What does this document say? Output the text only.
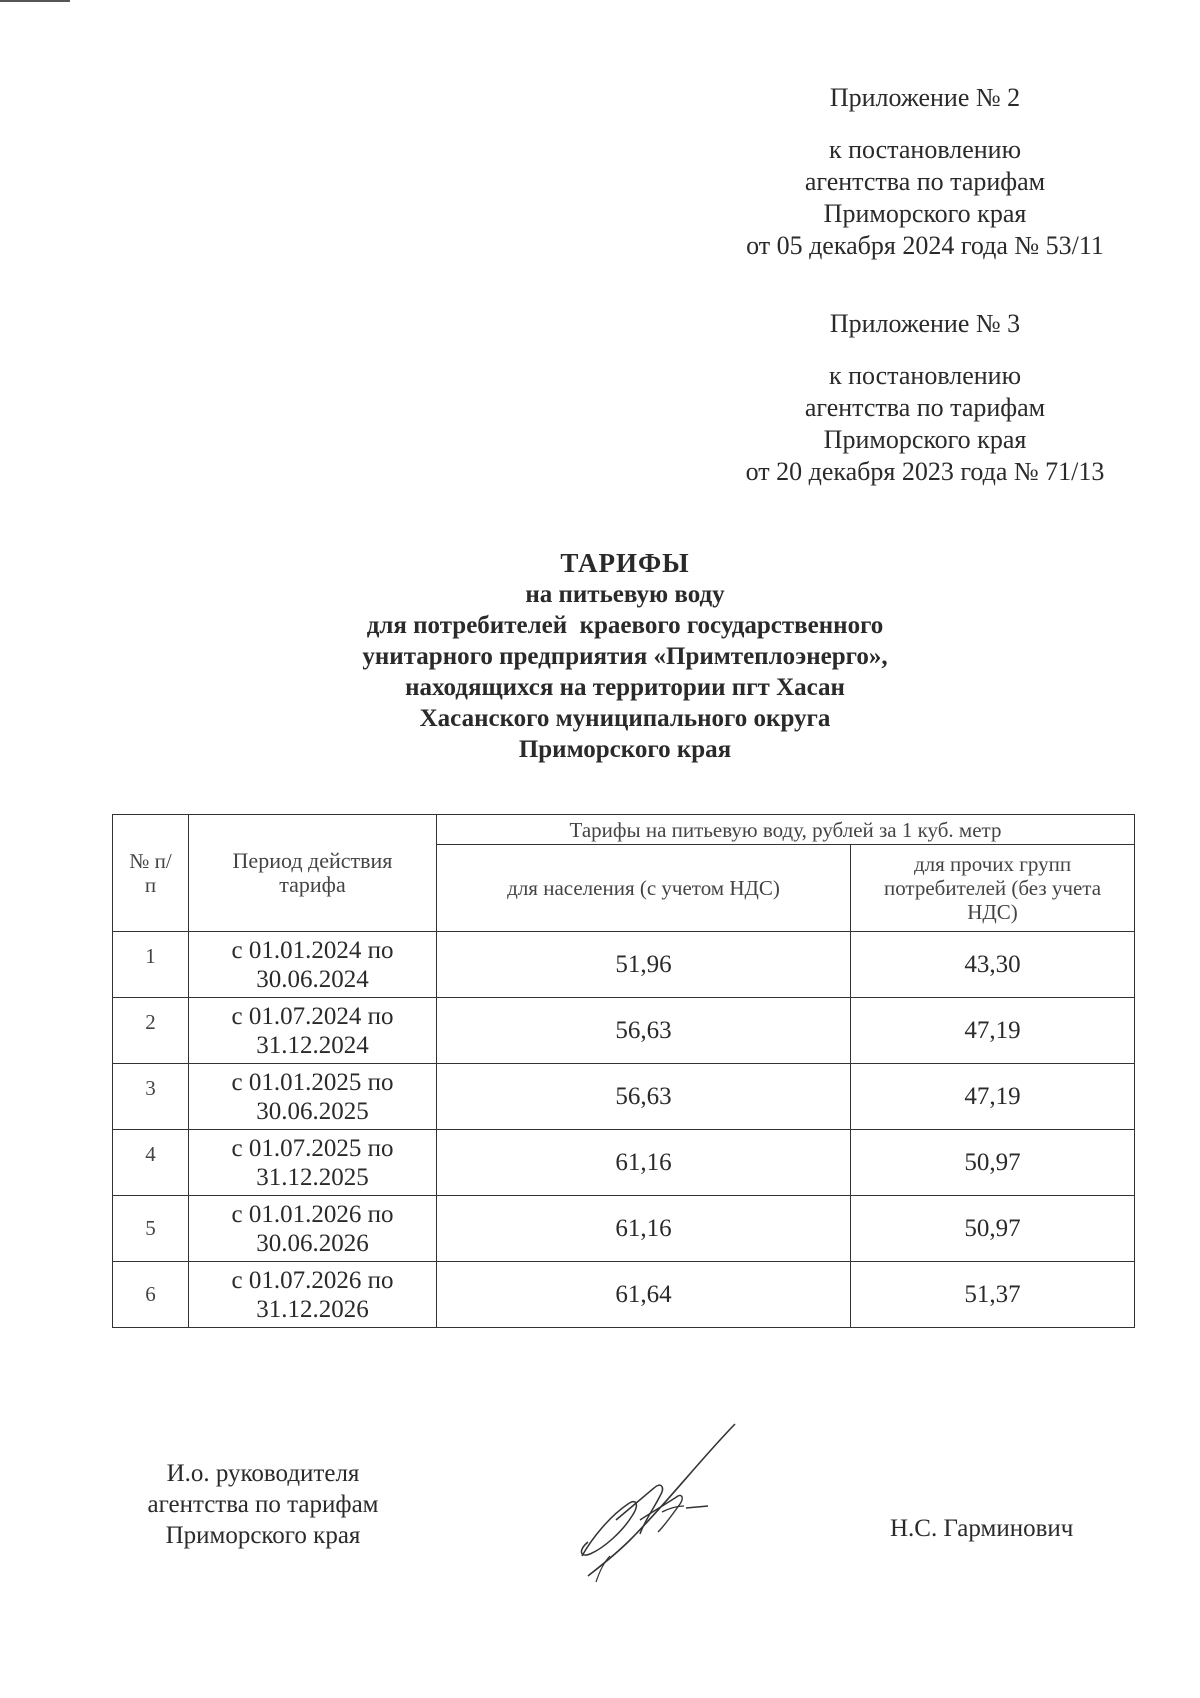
Приложение № 2
к постановлению
агентства по тарифам
Приморского края
от 05 декабря 2024 года № 53/11
Приложение № 3
к постановлению
агентства по тарифам
Приморского края
от 20 декабря 2023 года № 71/13
ТАРИФЫ
на питьевую воду
для потребителей  краевого государственного
унитарного предприятия «Примтеплоэнерго»,
находящихся на территории пгт Хасан
Хасанского муниципального округа
Приморского края
№ п/п	Период действия тарифа	Тарифы на питьевую воду, рублей за 1 куб. метр	
		для населения (с учетом НДС)	для прочих групп потребителей (без учета НДС)
1	с 01.01.2024 по 30.06.2024	51,96	43,30
2	с 01.07.2024 по 31.12.2024	56,63	47,19
3	с 01.01.2025 по 30.06.2025	56,63	47,19
4	с 01.07.2025 по 31.12.2025	61,16	50,97
5	с 01.01.2026 по 30.06.2026	61,16	50,97
6	с 01.07.2026 по 31.12.2026	61,64	51,37
И.о. руководителя
агентства по тарифам
Приморского края	Н.С. Гарминович
